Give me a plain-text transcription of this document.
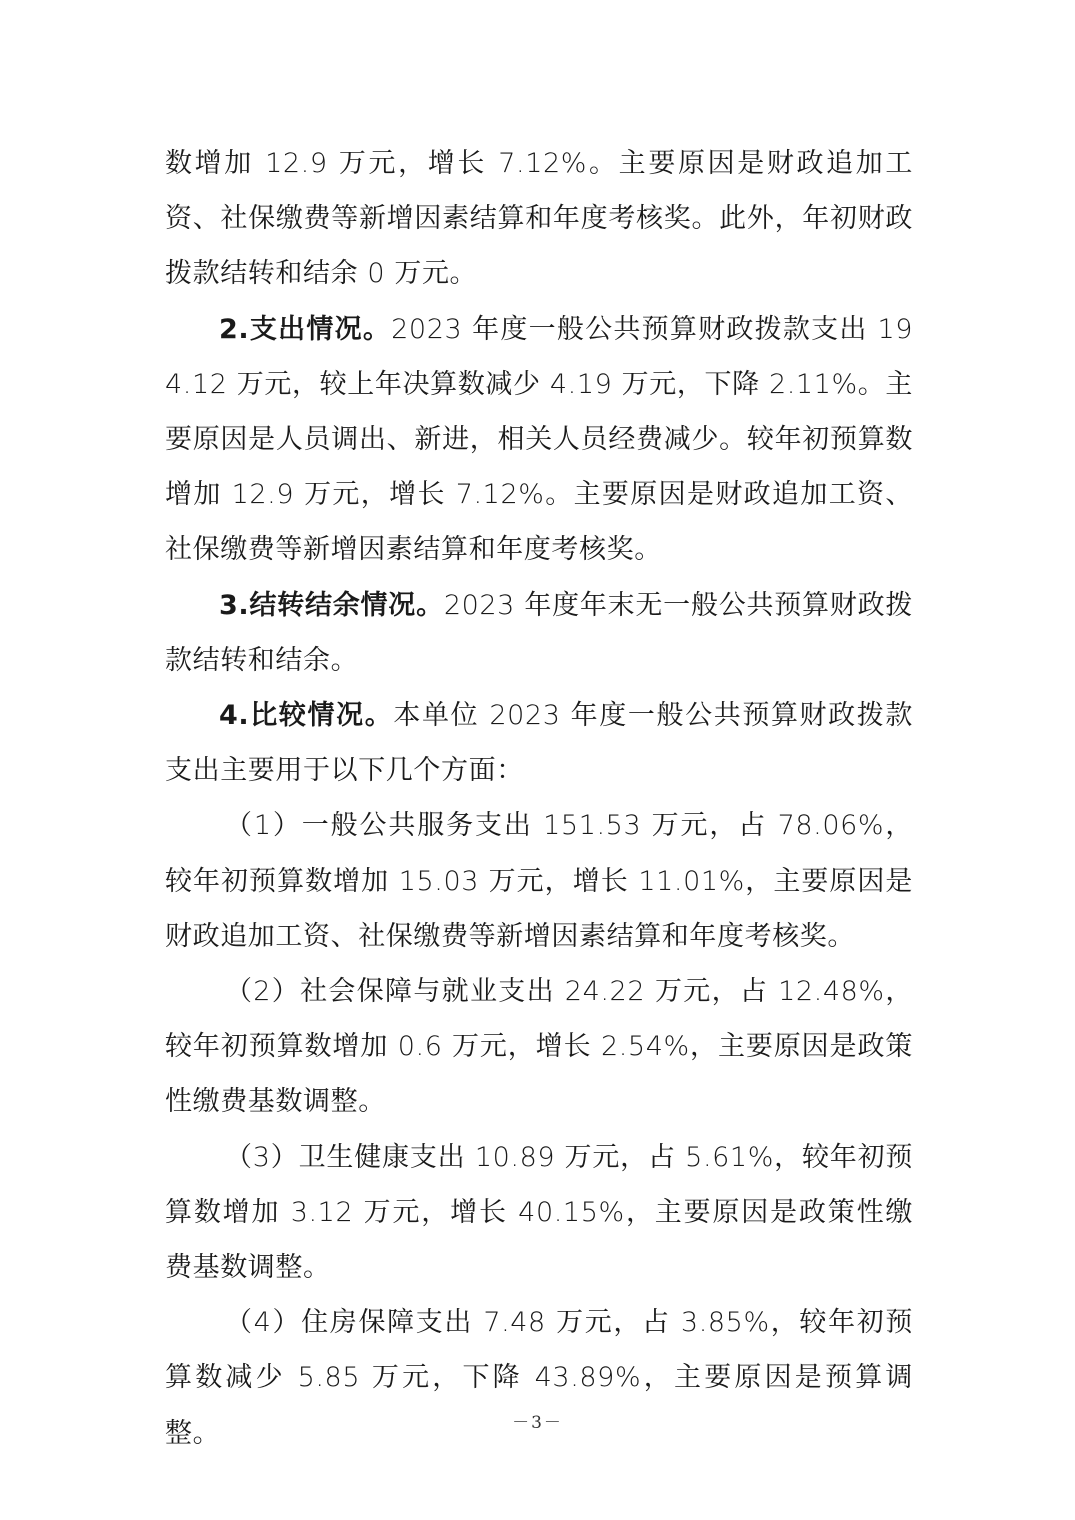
数增加 12.9 万元，增长 7.12%。主要原因是财政追加工资、社保缴费等新增因素结算和年度考核奖。此外，年初财政拨款结转和结余 0 万元。

2.支出情况。2023 年度一般公共预算财政拨款支出 194.12 万元，较上年决算数减少 4.19 万元，下降 2.11%。主要原因是人员调出、新进，相关人员经费减少。较年初预算数增加 12.9 万元，增长 7.12%。主要原因是财政追加工资、社保缴费等新增因素结算和年度考核奖。

3.结转结余情况。2023 年度年末无一般公共预算财政拨款结转和结余。

4.比较情况。本单位 2023 年度一般公共预算财政拨款支出主要用于以下几个方面：

（1）一般公共服务支出 151.53 万元，占 78.06%，较年初预算数增加 15.03 万元，增长 11.01%，主要原因是财政追加工资、社保缴费等新增因素结算和年度考核奖。

（2）社会保障与就业支出 24.22 万元，占 12.48%，较年初预算数增加 0.6 万元，增长 2.54%，主要原因是政策性缴费基数调整。

（3）卫生健康支出 10.89 万元，占 5.61%，较年初预算数增加 3.12 万元，增长 40.15%，主要原因是政策性缴费基数调整。

（4）住房保障支出 7.48 万元，占 3.85%，较年初预算数减少 5.85 万元，下降 43.89%，主要原因是预算调整。	－3－
